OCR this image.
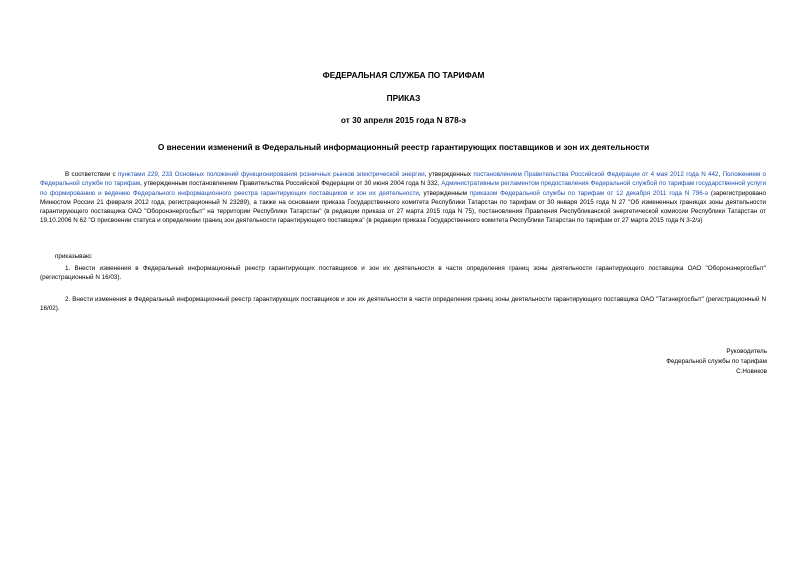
ФЕДЕРАЛЬНАЯ СЛУЖБА ПО ТАРИФАМ
ПРИКАЗ
от 30 апреля 2015 года N 878-э
О внесении изменений в Федеральный информационный реестр гарантирующих поставщиков и зон их деятельности

В соответствии с пунктами 229, 233 Основных положений функционирования розничных рынков электрической энергии, утвержденных постановлением Правительства Российской Федерации от 4 мая 2012 года N 442, Положением о Федеральной службе по тарифам, утвержденным постановлением Правительства Российской Федерации от 30 июня 2004 года N 332, Административным регламентом предоставления Федеральной службой по тарифам государственной услуги по формированию и ведению Федерального информационного реестра гарантирующих поставщиков и зон их деятельности, утвержденным приказом Федеральной службы по тарифам от 12 декабря 2011 года N 796-э (зарегистрировано Минюстом России 21 февраля 2012 года, регистрационный N 23289), а также на основании приказа Государственного комитета Республики Татарстан по тарифам от 30 января 2015 года N 27 "Об измененных границах зоны деятельности гарантирующего поставщика ОАО "Оборонэнергосбыт" на территории Республики Татарстан" (в редакции приказа от 27 марта 2015 года N 75), постановления Правления Республиканской энергетической комиссии Республики Татарстан от 19.10.2006 N 62 "О присвоении статуса и определении границ зон деятельности гарантирующего поставщика" (в редакции приказа Государственного комитета Республики Татарстан по тарифам от 27 марта 2015 года N 3-2/э)

приказываю:

1. Внести изменения в Федеральный информационный реестр гарантирующих поставщиков и зон их деятельности в части определения границ зоны деятельности гарантирующего поставщика ОАО "Оборонэнергосбыт" (регистрационный N 16/03).

2. Внести изменения в Федеральный информационный реестр гарантирующих поставщиков и зон их деятельности в части определения границ зоны деятельности гарантирующего поставщика ОАО "Татэнергосбыт" (регистрационный N 16/02).

Руководитель
Федеральной службы по тарифам
С.Новиков
